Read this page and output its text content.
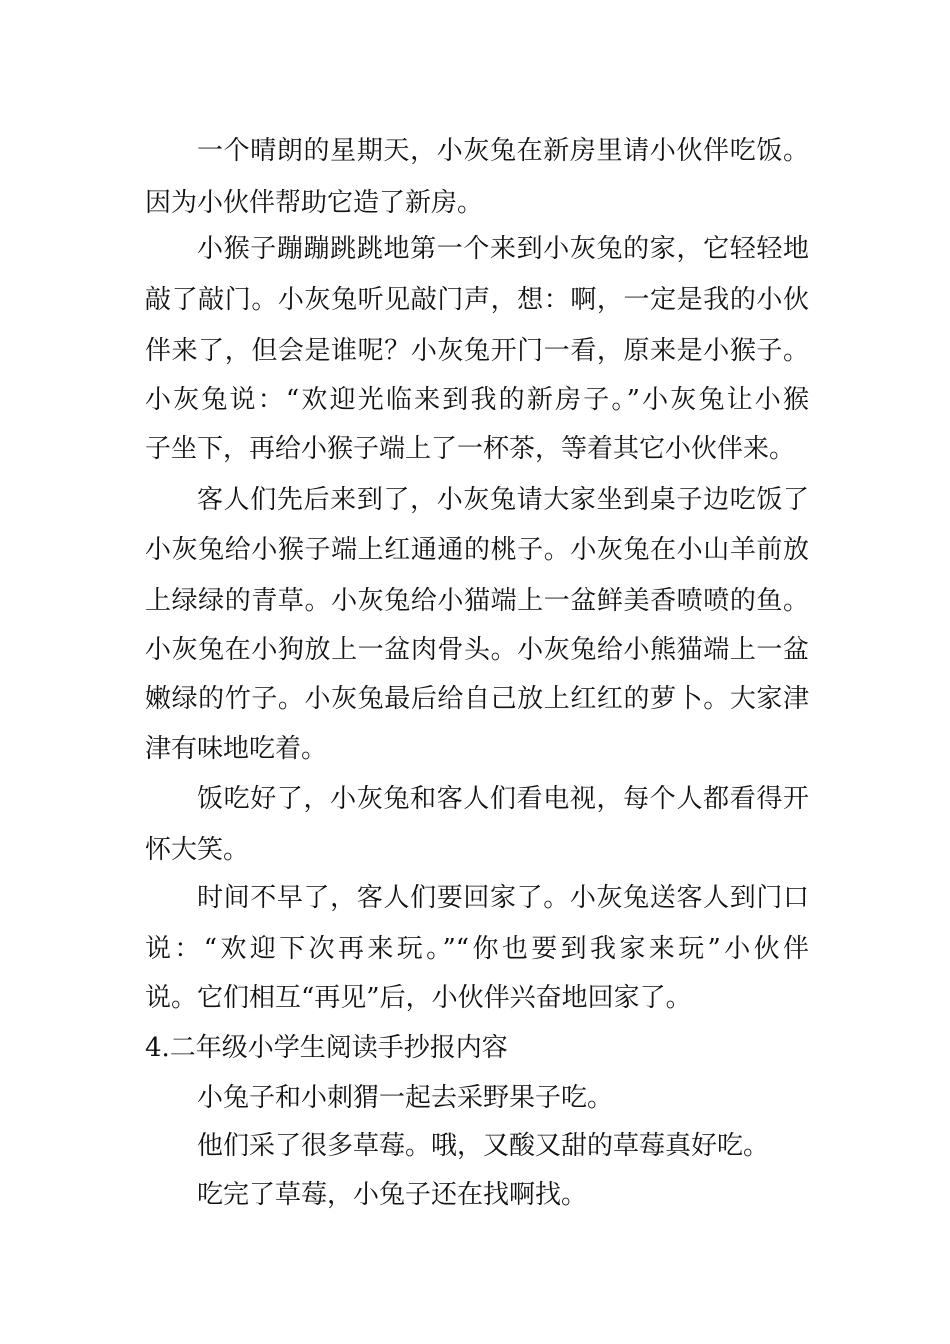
一个晴朗的星期天，小灰兔在新房里请小伙伴吃饭。
因为小伙伴帮助它造了新房。
小猴子蹦蹦跳跳地第一个来到小灰兔的家，它轻轻地
敲了敲门。小灰兔听见敲门声，想：啊，一定是我的小伙
伴来了，但会是谁呢？小灰兔开门一看，原来是小猴子。
小灰兔说：“欢迎光临来到我的新房子。”小灰兔让小猴
子坐下，再给小猴子端上了一杯茶，等着其它小伙伴来。
客人们先后来到了，小灰兔请大家坐到桌子边吃饭了
小灰兔给小猴子端上红通通的桃子。小灰兔在小山羊前放
上绿绿的青草。小灰兔给小猫端上一盆鲜美香喷喷的鱼。
小灰兔在小狗放上一盆肉骨头。小灰兔给小熊猫端上一盆
嫩绿的竹子。小灰兔最后给自己放上红红的萝卜。大家津
津有味地吃着。
饭吃好了，小灰兔和客人们看电视，每个人都看得开
怀大笑。
时间不早了，客人们要回家了。小灰兔送客人到门口
说：“欢迎下次再来玩。”“你也要到我家来玩”小伙伴
说。它们相互“再见”后，小伙伴兴奋地回家了。
4.二年级小学生阅读手抄报内容
小兔子和小刺猬一起去采野果子吃。
他们采了很多草莓。哦，又酸又甜的草莓真好吃。
吃完了草莓，小兔子还在找啊找。
